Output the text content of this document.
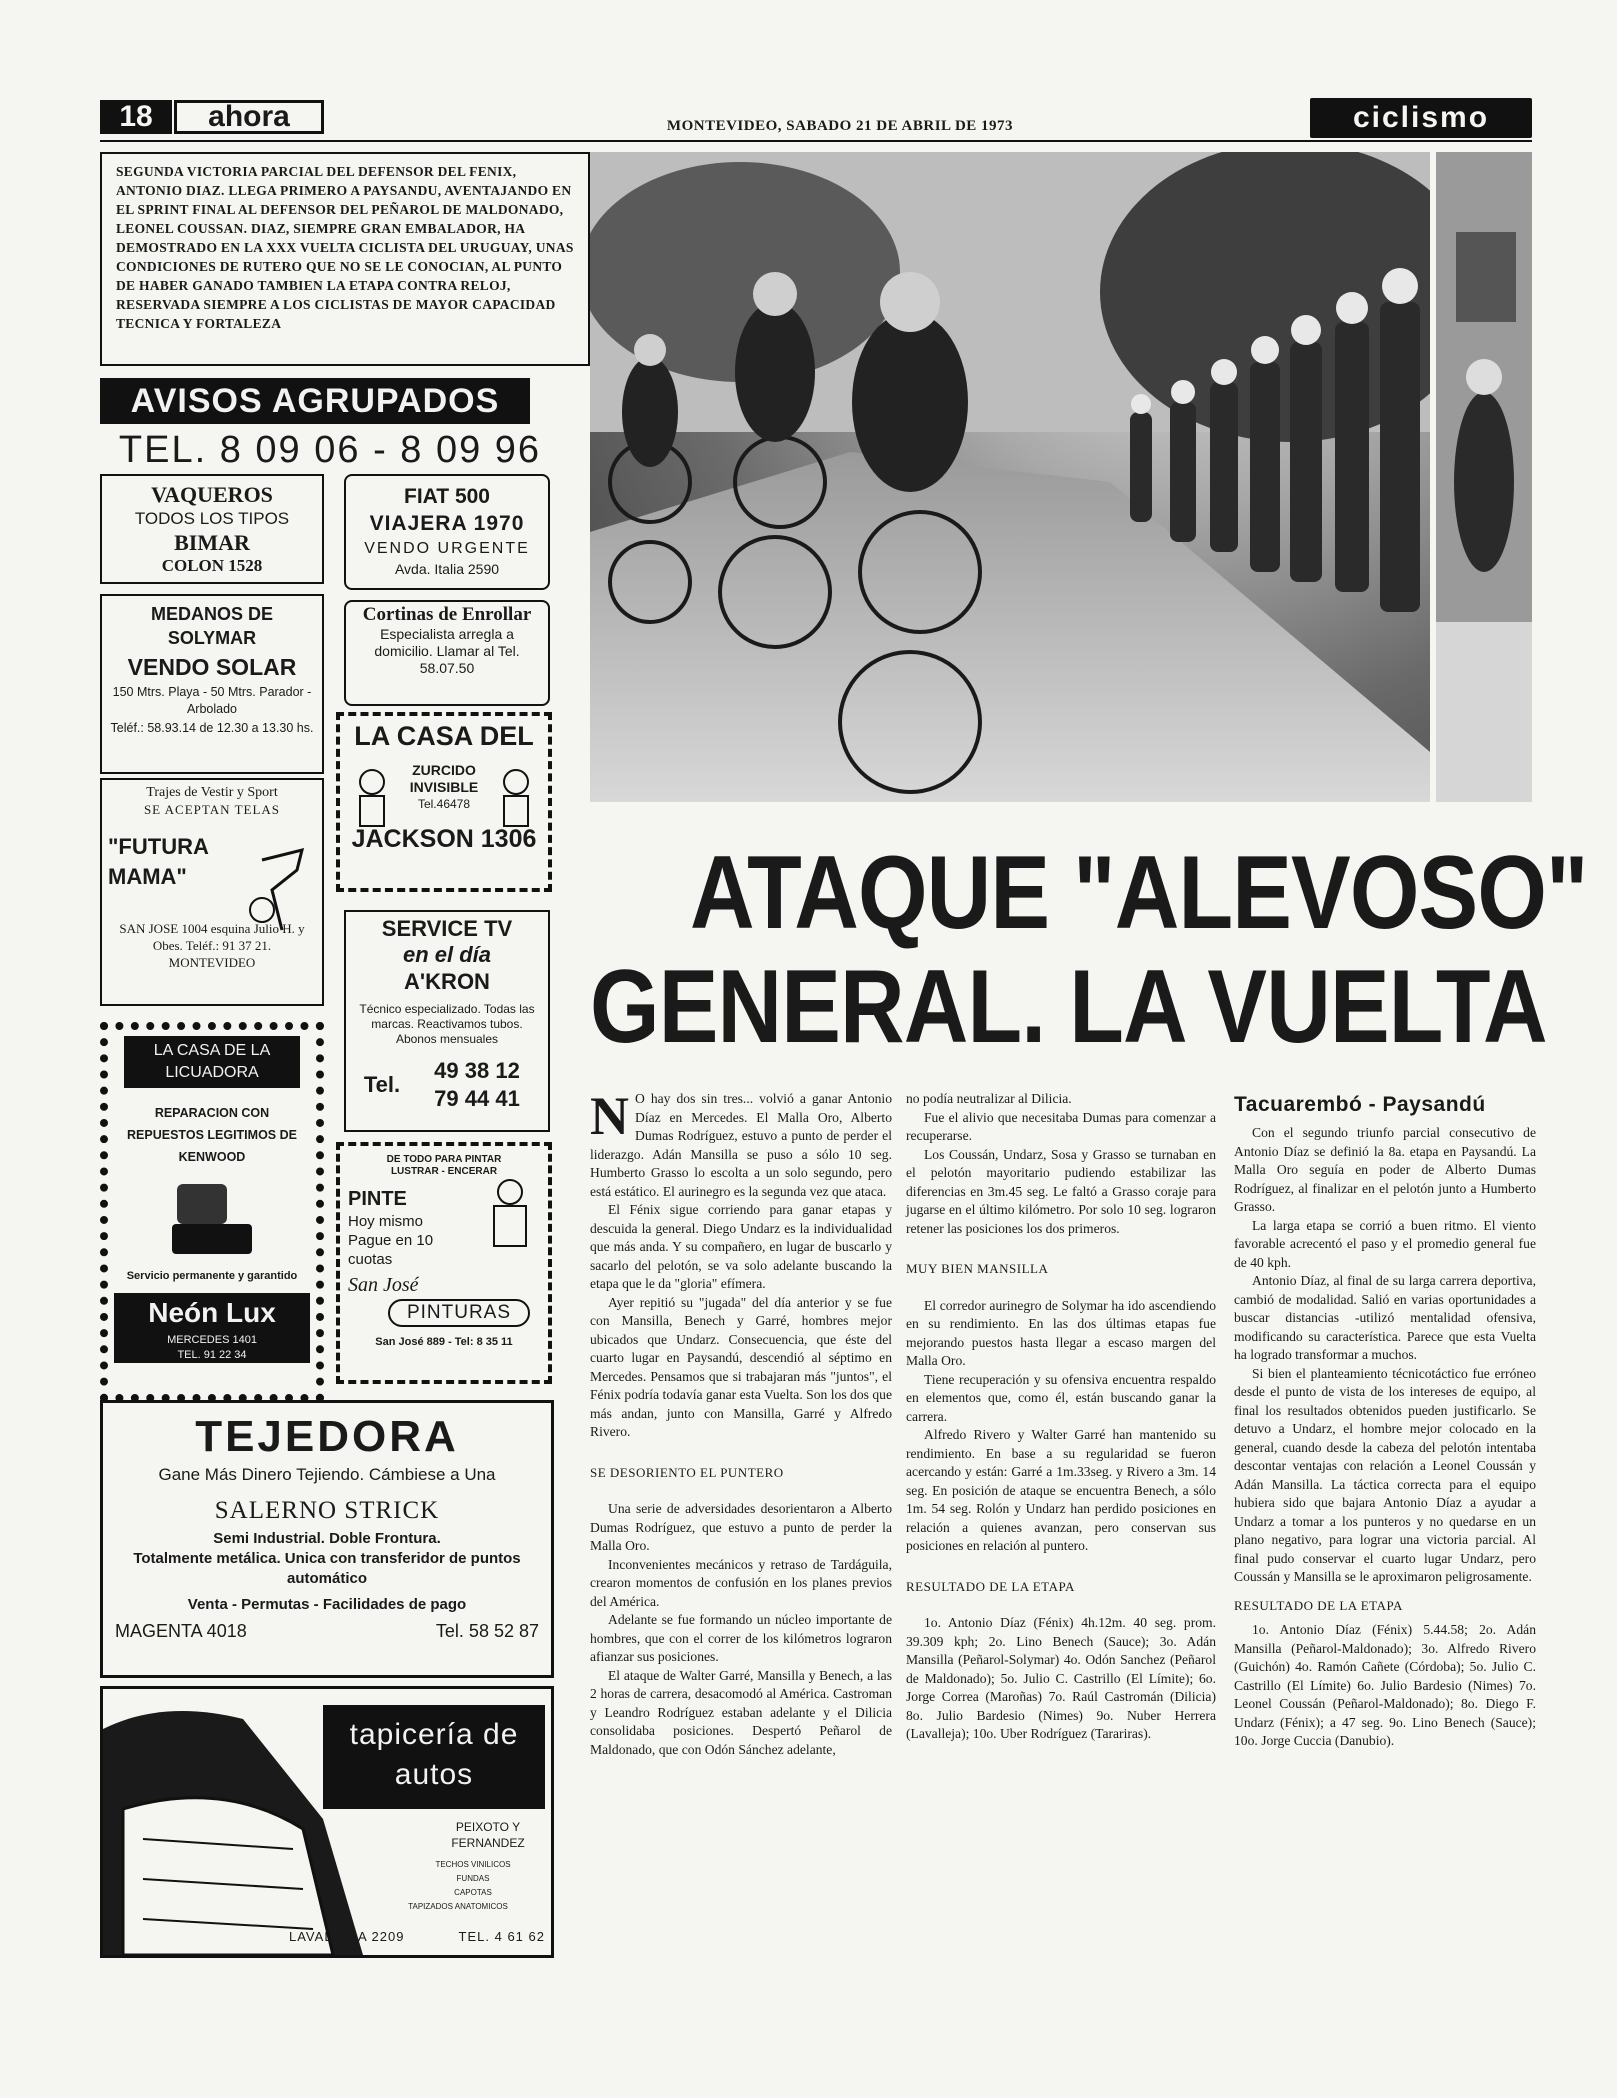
18	ahora	MONTEVIDEO, SABADO 21 DE ABRIL DE 1973	ciclismo
SEGUNDA VICTORIA PARCIAL DEL DEFENSOR DEL FENIX, ANTONIO DIAZ. LLEGA PRIMERO A PAYSANDU, AVENTAJANDO EN EL SPRINT FINAL AL DEFENSOR DEL PEÑAROL DE MALDONADO, LEONEL COUSSAN. DIAZ, SIEMPRE GRAN EMBALADOR, HA DEMOSTRADO EN LA XXX VUELTA CICLISTA DEL URUGUAY, UNAS CONDICIONES DE RUTERO QUE NO SE LE CONOCIAN, AL PUNTO DE HABER GANADO TAMBIEN LA ETAPA CONTRA RELOJ, RESERVADA SIEMPRE A LOS CICLISTAS DE MAYOR CAPACIDAD TECNICA Y FORTALEZA
AVISOS AGRUPADOS
TEL. 8 09 06 - 8 09 96
VAQUEROS
TODOS LOS TIPOS
BIMAR
COLON 1528
FIAT 500
VIAJERA 1970
VENDO URGENTE
Avda. Italia 2590
MEDANOS DE SOLYMAR
VENDO SOLAR
150 Mtrs. Playa - 50 Mtrs. Parador - Arbolado
Teléf.: 58.93.14 de 12.30 a 13.30 hs.
Cortinas de Enrollar
Especialista arregla a domicilio. Llamar al Tel. 58.07.50
LA CASA DEL
ZURCIDO INVISIBLE
Tel.46478
JACKSON 1306
Trajes de Vestir y Sport
SE ACEPTAN TELAS
"FUTURA MAMA"
SAN JOSE 1004 esquina Julio H. y Obes. Teléf.: 91 37 21. MONTEVIDEO
SERVICE TV
en el día
A'KRON
Técnico especializado. Todas las marcas. Reactivamos tubos. Abonos mensuales
Tel.
49 38 12
79 44 41
LA CASA DE LA LICUADORA
REPARACION CON REPUESTOS LEGITIMOS DE KENWOOD
Servicio permanente y garantido
Neón Lux
MERCEDES 1401
TEL. 91 22 34
DE TODO PARA PINTAR LUSTRAR - ENCERAR
PINTE
Hoy mismo Pague en 10 cuotas
San José
PINTURAS
San José 889 - Tel: 8 35 11
TEJEDORA
Gane Más Dinero Tejiendo. Cámbiese a Una
SALERNO STRICK
Semi Industrial. Doble Frontura.
Totalmente metálica. Unica con transferidor de puntos automático
Venta - Permutas - Facilidades de pago
MAGENTA 4018	Tel. 58 52 87
tapicería de autos
PEIXOTO Y FERNANDEZ
TECHOS VINILICOS
FUNDAS
CAPOTAS
TAPIZADOS ANATOMICOS
LAVALLEJA 2209	TEL. 4 61 62
ATAQUE "ALEVOSO"
GENERAL. LA VUELTA

N O hay dos sin tres... volvió a ganar Antonio Díaz en Mercedes. El Malla Oro, Alberto Dumas Rodríguez, estuvo a punto de perder el liderazgo. Adán Mansilla se puso a sólo 10 seg. Humberto Grasso lo escolta a un solo segundo, pero está estático. El aurinegro es la segunda vez que ataca.

El Fénix sigue corriendo para ganar etapas y descuida la general. Diego Undarz es la individualidad que más anda. Y su compañero, en lugar de buscarlo y sacarlo del pelotón, se va solo adelante buscando la etapa que le da "gloria" efímera.

Ayer repitió su "jugada" del día anterior y se fue con Mansilla, Benech y Garré, hombres mejor ubicados que Undarz. Consecuencia, que éste del cuarto lugar en Paysandú, descendió al séptimo en Mercedes. Pensamos que si trabajaran más "juntos", el Fénix podría todavía ganar esta Vuelta. Son los dos que más andan, junto con Mansilla, Garré y Alfredo Rivero.

SE DESORIENTO EL PUNTERO

Una serie de adversidades desorientaron a Alberto Dumas Rodríguez, que estuvo a punto de perder la Malla Oro.

Inconvenientes mecánicos y retraso de Tardáguila, crearon momentos de confusión en los planes previos del América.

Adelante se fue formando un núcleo importante de hombres, que con el correr de los kilómetros lograron afianzar sus posiciones.

El ataque de Walter Garré, Mansilla y Benech, a las 2 horas de carrera, desacomodó al América. Castroman y Leandro Rodríguez estaban adelante y el Dilicia consolidaba posiciones. Despertó Peñarol de Maldonado, que con Odón Sánchez adelante,

no podía neutralizar al Dilicia.

Fue el alivio que necesitaba Dumas para comenzar a recuperarse.

Los Coussán, Undarz, Sosa y Grasso se turnaban en el pelotón mayoritario pudiendo estabilizar las diferencias en 3m.45 seg. Le faltó a Grasso coraje para jugarse en el último kilómetro. Por solo 10 seg. lograron retener las posiciones los dos primeros.

MUY BIEN MANSILLA

El corredor aurinegro de Solymar ha ido ascendiendo en su rendimiento. En las dos últimas etapas fue mejorando puestos hasta llegar a escaso margen del Malla Oro.

Tiene recuperación y su ofensiva encuentra respaldo en elementos que, como él, están buscando ganar la carrera.

Alfredo Rivero y Walter Garré han mantenido su rendimiento. En base a su regularidad se fueron acercando y están: Garré a 1m.33seg. y Rivero a 3m. 14 seg. En posición de ataque se encuentra Benech, a sólo 1m. 54 seg. Rolón y Undarz han perdido posiciones en relación a quienes avanzan, pero conservan sus posiciones en relación al puntero.

RESULTADO DE LA ETAPA

1o. Antonio Díaz (Fénix) 4h.12m. 40 seg. prom. 39.309 kph; 2o. Lino Benech (Sauce); 3o. Adán Mansilla (Peñarol-Solymar) 4o. Odón Sanchez (Peñarol de Maldonado); 5o. Julio C. Castrillo (El Límite); 6o. Jorge Correa (Maroñas) 7o. Raúl Castromán (Dilicia) 8o. Julio Bardesio (Nimes) 9o. Nuber Herrera (Lavalleja); 10o. Uber Rodríguez (Tarariras).

Tacuarembó - Paysandú

Con el segundo triunfo parcial consecutivo de Antonio Díaz se definió la 8a. etapa en Paysandú. La Malla Oro seguía en poder de Alberto Dumas Rodríguez, al finalizar en el pelotón junto a Humberto Grasso.

La larga etapa se corrió a buen ritmo. El viento favorable acrecentó el paso y el promedio general fue de 40 kph.

Antonio Díaz, al final de su larga carrera deportiva, cambió de modalidad. Salió en varias oportunidades a buscar distancias -utilizó mentalidad ofensiva, modificando su característica. Parece que esta Vuelta ha logrado transformar a muchos.

Si bien el planteamiento técnicotáctico fue erróneo desde el punto de vista de los intereses de equipo, al final los resultados obtenidos pueden justificarlo. Se detuvo a Undarz, el hombre mejor colocado en la general, cuando desde la cabeza del pelotón intentaba descontar ventajas con relación a Leonel Coussán y Adán Mansilla. La táctica correcta para el equipo hubiera sido que bajara Antonio Díaz a ayudar a Undarz a tomar a los punteros y no quedarse en un plano negativo, para lograr una victoria parcial. Al final pudo conservar el cuarto lugar Undarz, pero Coussán y Mansilla se le aproximaron peligrosamente.

RESULTADO DE LA ETAPA

1o. Antonio Díaz (Fénix) 5.44.58; 2o. Adán Mansilla (Peñarol-Maldonado); 3o. Alfredo Rivero (Guichón) 4o. Ramón Cañete (Córdoba); 5o. Julio C. Castrillo (El Límite) 6o. Julio Bardesio (Nimes) 7o. Leonel Coussán (Peñarol-Maldonado); 8o. Diego F. Undarz (Fénix); a 47 seg. 9o. Lino Benech (Sauce); 10o. Jorge Cuccia (Danubio).
